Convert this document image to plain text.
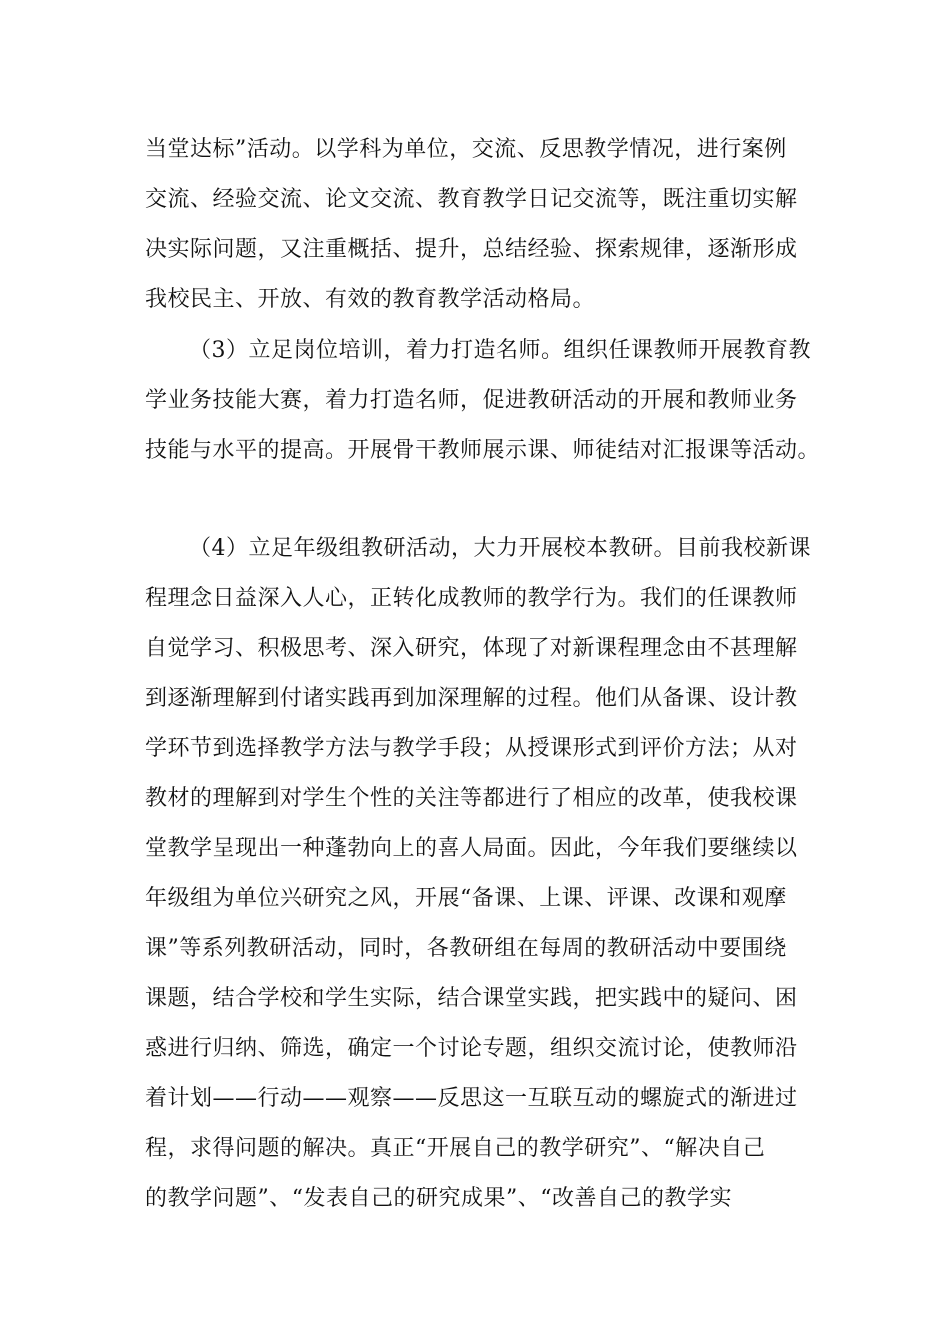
当堂达标”活动。以学科为单位，交流、反思教学情况，进行案例
交流、经验交流、论文交流、教育教学日记交流等，既注重切实解
决实际问题，又注重概括、提升，总结经验、探索规律，逐渐形成
我校民主、开放、有效的教育教学活动格局。
（3）立足岗位培训，着力打造名师。组织任课教师开展教育教
学业务技能大赛，着力打造名师，促进教研活动的开展和教师业务
技能与水平的提高。开展骨干教师展示课、师徒结对汇报课等活动。
（4）立足年级组教研活动，大力开展校本教研。目前我校新课
程理念日益深入人心，正转化成教师的教学行为。我们的任课教师
自觉学习、积极思考、深入研究，体现了对新课程理念由不甚理解
到逐渐理解到付诸实践再到加深理解的过程。他们从备课、设计教
学环节到选择教学方法与教学手段；从授课形式到评价方法；从对
教材的理解到对学生个性的关注等都进行了相应的改革，使我校课
堂教学呈现出一种蓬勃向上的喜人局面。因此，今年我们要继续以
年级组为单位兴研究之风，开展“备课、上课、评课、改课和观摩
课”等系列教研活动，同时，各教研组在每周的教研活动中要围绕
课题，结合学校和学生实际，结合课堂实践，把实践中的疑问、困
惑进行归纳、筛选，确定一个讨论专题，组织交流讨论，使教师沿
着计划——行动——观察——反思这一互联互动的螺旋式的渐进过
程，求得问题的解决。真正“开展自己的教学研究”、“解决自己
的教学问题”、“发表自己的研究成果”、“改善自己的教学实
